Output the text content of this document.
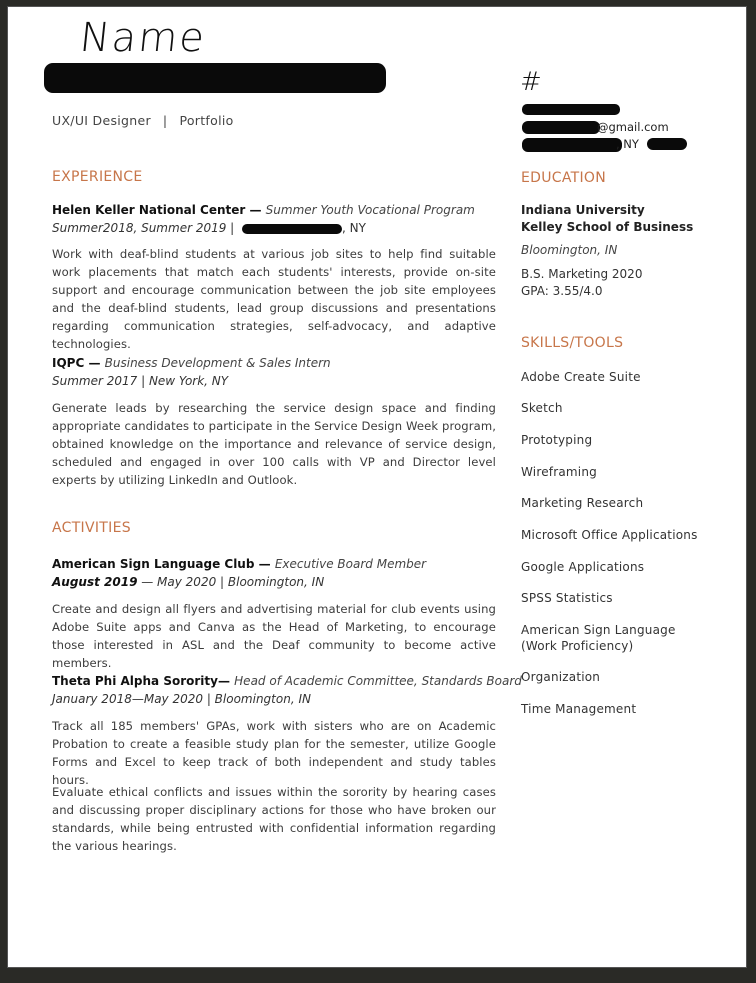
Name
UX/UI Designer | Portfolio
#
@gmail.com
, NY
EXPERIENCE
Helen Keller National Center — Summer Youth Vocational Program
Summer2018, Summer 2019 |	, NY
Work with deaf-blind students at various job sites to help find suitable work placements that match each students' interests, provide on-site support and encourage communication between the job site employees and the deaf-blind students, lead group discussions and presentations regarding communication strategies, self-advocacy, and adaptive technologies.
IQPC — Business Development & Sales Intern
Summer 2017 | New York, NY
Generate leads by researching the service design space and finding appropriate candidates to participate in the Service Design Week program, obtained knowledge on the importance and relevance of service design, scheduled and engaged in over 100 calls with VP and Director level experts by utilizing LinkedIn and Outlook.
ACTIVITIES
American Sign Language Club — Executive Board Member
August 2019 — May 2020 | Bloomington, IN
Create and design all flyers and advertising material for club events using Adobe Suite apps and Canva as the Head of Marketing, to encourage those interested in ASL and the Deaf community to become active members.
Theta Phi Alpha Sorority— Head of Academic Committee, Standards Board
January 2018—May 2020 | Bloomington, IN
Track all 185 members' GPAs, work with sisters who are on Academic Probation to create a feasible study plan for the semester, utilize Google Forms and Excel to keep track of both independent and study tables hours.
Evaluate ethical conflicts and issues within the sorority by hearing cases and discussing proper disciplinary actions for those who have broken our standards, while being entrusted with confidential information regarding the various hearings.
EDUCATION
Indiana University
Kelley School of Business
Bloomington, IN
B.S. Marketing 2020
GPA: 3.55/4.0
SKILLS/TOOLS
Adobe Create Suite
Sketch
Prototyping
Wireframing
Marketing Research
Microsoft Office Applications
Google Applications
SPSS Statistics
American Sign Language
(Work Proficiency)
Organization
Time Management
